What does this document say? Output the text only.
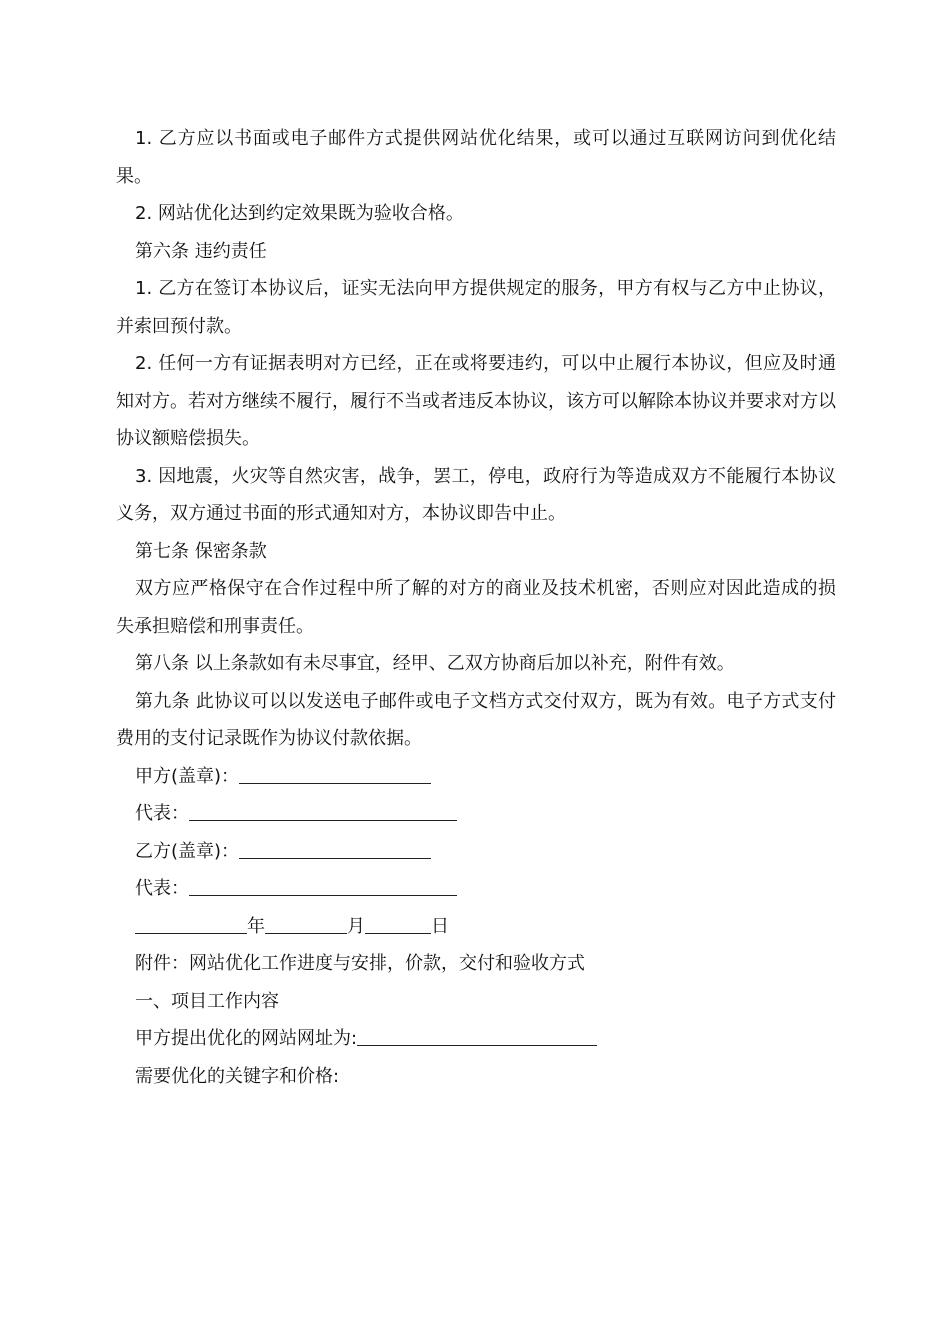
1. 乙方应以书面或电子邮件方式提供网站优化结果，或可以通过互联网访问到优化结果。

2. 网站优化达到约定效果既为验收合格。

第六条 违约责任

1. 乙方在签订本协议后，证实无法向甲方提供规定的服务，甲方有权与乙方中止协议，并索回预付款。

2. 任何一方有证据表明对方已经，正在或将要违约，可以中止履行本协议，但应及时通知对方。若对方继续不履行，履行不当或者违反本协议，该方可以解除本协议并要求对方以协议额赔偿损失。

3. 因地震，火灾等自然灾害，战争，罢工，停电，政府行为等造成双方不能履行本协议义务，双方通过书面的形式通知对方，本协议即告中止。

第七条 保密条款

双方应严格保守在合作过程中所了解的对方的商业及技术机密，否则应对因此造成的损失承担赔偿和刑事责任。

第八条 以上条款如有未尽事宜，经甲、乙双方协商后加以补充，附件有效。

第九条 此协议可以以发送电子邮件或电子文档方式交付双方，既为有效。电子方式支付费用的支付记录既作为协议付款依据。

甲方(盖章)：
代表：
乙方(盖章)：
代表：
年	月	日
附件：网站优化工作进度与安排，价款，交付和验收方式
一、项目工作内容
甲方提出优化的网站网址为:
需要优化的关键字和价格:
